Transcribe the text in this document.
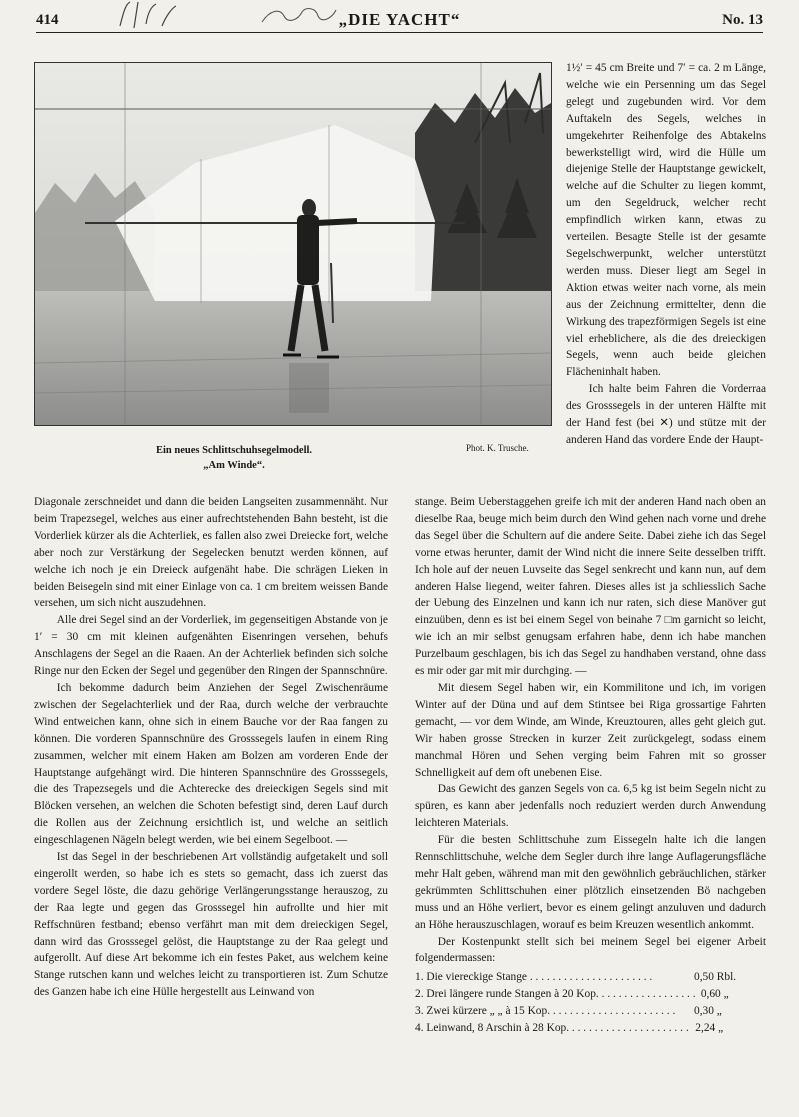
414	„DIE YACHT“	No. 13
Ein neues Schlittschuhsegelmodell.
„Am Winde“.
Phot. K. Trusche.

1½′ = 45 cm Breite und 7′ = ca. 2 m Länge, welche wie ein Persenning um das Segel gelegt und zugebunden wird. Vor dem Auftakeln des Segels, welches in umgekehrter Reihenfolge des Abtakelns bewerkstelligt wird, wird die Hülle um diejenige Stelle der Hauptstange gewickelt, welche auf die Schulter zu liegen kommt, um den Segeldruck, welcher recht empfindlich wirken kann, etwas zu verteilen. Besagte Stelle ist der gesamte Segelschwerpunkt, welcher unterstützt werden muss. Dieser liegt am Segel in Aktion etwas weiter nach vorne, als mein aus der Zeichnung ermittelter, denn die Wirkung des trapezförmigen Segels ist eine viel erheblichere, als die des dreieckigen Segels, wenn auch beide gleichen Flächeninhalt haben.

Ich halte beim Fahren die Vorderraa des Grosssegels in der unteren Hälfte mit der Hand fest (bei ✕) und stütze mit der anderen Hand das vordere Ende der Haupt-

Diagonale zerschneidet und dann die beiden Langseiten zusammennäht. Nur beim Trapezsegel, welches aus einer aufrechtstehenden Bahn besteht, ist die Vorderliek kürzer als die Achterliek, es fallen also zwei Dreiecke fort, welche aber noch zur Verstärkung der Segelecken benutzt werden können, auf welche ich noch je ein Dreieck aufgenäht habe. Die schrägen Lieken in beiden Beisegeln sind mit einer Einlage von ca. 1 cm breitem weissen Bande versehen, um sich nicht auszudehnen.

Alle drei Segel sind an der Vorderliek, im gegenseitigen Abstande von je 1′ = 30 cm mit kleinen aufgenähten Eisenringen versehen, behufs Anschlagens der Segel an die Raaen. An der Achterliek befinden sich solche Ringe nur den Ecken der Segel und gegenüber den Ringen der Spannschnüre.

Ich bekomme dadurch beim Anziehen der Segel Zwischenräume zwischen der Segelachterliek und der Raa, durch welche der verbrauchte Wind entweichen kann, ohne sich in einem Bauche vor der Raa fangen zu können. Die vorderen Spannschnüre des Grosssegels laufen in einem Ring zusammen, welcher mit einem Haken am Bolzen am vorderen Ende der Hauptstange aufgehängt wird. Die hinteren Spannschnüre des Grosssegels, die des Trapezsegels und die Achterecke des dreieckigen Segels sind mit Blöcken versehen, an welchen die Schoten befestigt sind, deren Lauf durch die Rollen aus der Zeichnung ersichtlich ist, und welche an seitlich eingeschlagenen Nägeln belegt werden, wie bei einem Segelboot. —

Ist das Segel in der beschriebenen Art vollständig aufgetakelt und soll eingerollt werden, so habe ich es stets so gemacht, dass ich zuerst das vordere Segel löste, die dazu gehörige Verlängerungsstange herauszog, zu der Raa legte und gegen das Grosssegel hin aufrollte und hier mit Reffschnüren festband; ebenso verfährt man mit dem dreieckigen Segel, dann wird das Grosssegel gelöst, die Hauptstange zu der Raa gelegt und aufgerollt. Auf diese Art bekomme ich ein festes Paket, aus welchem keine Stange rutschen kann und welches leicht zu transportieren ist. Zum Schutze des Ganzen habe ich eine Hülle hergestellt aus Leinwand von

stange. Beim Ueberstaggehen greife ich mit der anderen Hand nach oben an dieselbe Raa, beuge mich beim durch den Wind gehen nach vorne und drehe das Segel über die Schultern auf die andere Seite. Dabei ziehe ich das Segel vorne etwas herunter, damit der Wind nicht die innere Seite desselben trifft. Ich hole auf der neuen Luvseite das Segel senkrecht und kann nun, auf dem anderen Halse liegend, weiter fahren. Dieses alles ist ja schliesslich Sache der Uebung des Einzelnen und kann ich nur raten, sich diese Manöver gut einzuüben, denn es ist bei einem Segel von beinahe 7 □m garnicht so leicht, wie ich an mir selbst genugsam erfahren habe, denn ich habe manchen Purzelbaum geschlagen, bis ich das Segel zu handhaben verstand, ohne dass es mir oder gar mit mir durchging. —

Mit diesem Segel haben wir, ein Kommilitone und ich, im vorigen Winter auf der Düna und auf dem Stintsee bei Riga grossartige Fahrten gemacht, — vor dem Winde, am Winde, Kreuztouren, alles geht gleich gut. Wir haben grosse Strecken in kurzer Zeit zurückgelegt, sodass einem manchmal Hören und Sehen verging beim Fahren mit so grosser Schnelligkeit auf dem oft unebenen Eise.

Das Gewicht des ganzen Segels von ca. 6,5 kg ist beim Segeln nicht zu spüren, es kann aber jedenfalls noch reduziert werden durch Anwendung leichteren Materials.

Für die besten Schlittschuhe zum Eissegeln halte ich die langen Rennschlittschuhe, welche dem Segler durch ihre lange Auflagerungsfläche mehr Halt geben, während man mit den gewöhnlich gebräuchlichen, stärker gekrümmten Schlittschuhen einer plötzlich einsetzenden Bö nachgeben muss und an Höhe verliert, bevor es einem gelingt anzuluven und dadurch an Höhe herauszuschlagen, worauf es beim Kreuzen wesentlich ankommt.

Der Kostenpunkt stellt sich bei meinem Segel bei eigener Arbeit folgendermassen:

1. Die viereckige Stange . . .	0,50 Rbl.
2. Drei längere runde Stangen à 20 Kop. . . .	0,60 „
3. Zwei kürzere „ „ à 15 Kop. . . .	0,30 „
4. Leinwand, 8 Arschin à 28 Kop. . . .	2,24 „
